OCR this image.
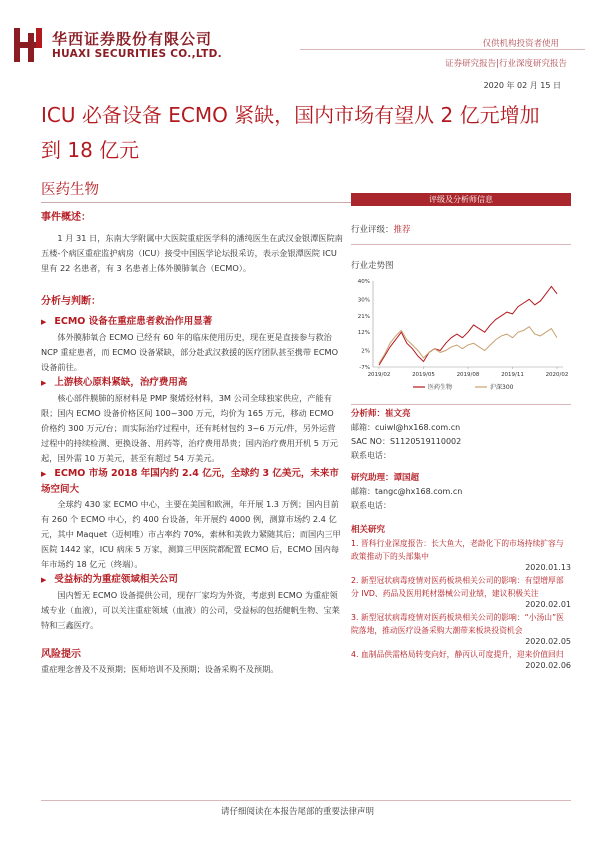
华西证券股份有限公司
HUAXI SECURITIES CO.,LTD.
仅供机构投资者使用
证券研究报告|行业深度研究报告
2020 年 02 月 15 日
ICU 必备设备 ECMO 紧缺，国内市场有望从 2 亿元增加到 18 亿元
医药生物
事件概述：

1 月 31 日，东南大学附属中大医院重症医学科的潘纯医生在武汉金银潭医院南五楼-个病区重症监护病房（ICU）接受中国医学论坛报采访，表示金银潭医院 ICU 里有 22 名患者，有 3 名患者上体外膜肺氧合（ECMO）。

分析与判断：
▶ ECMO 设备在重症患者救治作用显著

体外膜肺氧合 ECMO 已经有 60 年的临床使用历史，现在更是直接参与救治 NCP 重症患者，而 ECMO 设备紧缺，部分赴武汉救援的医疗团队甚至携带 ECMO 设备前往。

▶ 上游核心原料紧缺，治疗费用高

核心部件膜肺的原材料是 PMP 聚烯烃材料，3M 公司全球独家供应，产能有限；国内 ECMO 设备价格区间 100~300 万元，均价为 165 万元，移动 ECMO 价格约 300 万元/台；而实际治疗过程中，还有耗材包约 3~6 万元/件，另外运营过程中的持续检测、更换设备、用药等，治疗费用昂贵；国内治疗费用开机 5 万元起，国外需 10 万美元，甚至有超过 54 万美元。

▶ ECMO 市场 2018 年国内约 2.4 亿元，全球约 3 亿美元，未来市场空间大

全球约 430 家 ECMO 中心，主要在美国和欧洲，年开展 1.3 万例；国内目前有 260 个 ECMO 中心，约 400 台设备，年开展约 4000 例，测算市场约 2.4 亿元，其中 Maquet（迈柯唯）市占率约 70%，索林和美敦力紧随其后；而国内三甲医院 1442 家，ICU 病床 5 万家，测算三甲医院都配置 ECMO 后，ECMO 国内每年市场约 18 亿元（终端）。

▶ 受益标的为重症领域相关公司

国内暂无 ECMO 设备提供公司，现存厂家均为外资，考虑到 ECMO 为重症领域专业（血液），可以关注重症领域（血液）的公司，受益标的包括健帆生物、宝莱特和三鑫医疗。

风险提示

重症理念普及不及预期；医师培训不及预期；设备采购不及预期。

评级及分析师信息
行业评级：推荐
行业走势图
-7%
2%
12%
21%
30%
40%
2019/02	2019/05	2019/08	2019/11	2020/02
医药生物	沪深300
分析师：崔文亮
邮箱：cuiwl@hx168.com.cn
SAC NO：S1120519110002
联系电话：
研究助理：谭国超
邮箱：tangc@hx168.com.cn
联系电话：
相关研究
1. 晋科行业深度报告：长大鱼大，老龄化下的市场持续扩容与政策推动下的头部集中
2020.01.13
2. 新型冠状病毒疫情对医药板块相关公司的影响：有望增厚部分 IVD、药品及医用耗材器械公司业绩，建议积极关注
2020.02.01
3. 新型冠状病毒疫情对医药板块相关公司的影响：“小汤山”医院落地，推动医疗设备采购大潮带来板块投资机会
2020.02.05
4. 血制品供需格局转变向好，静丙认可度提升，迎来价值回归
2020.02.06
请仔细阅读在本报告尾部的重要法律声明
